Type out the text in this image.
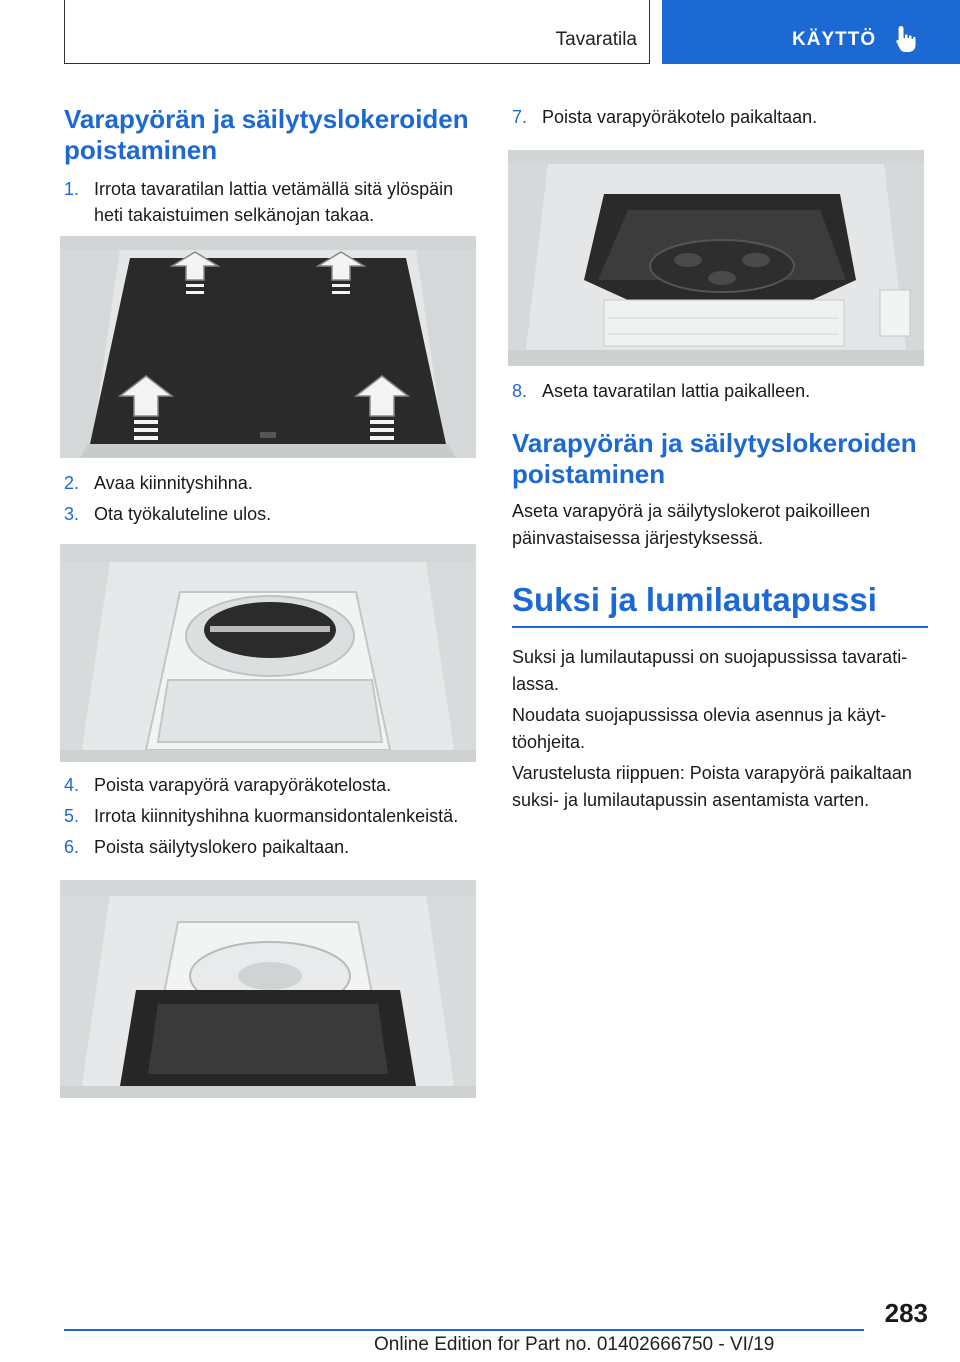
Tavaratila	KÄYTTÖ
Varapyörän ja säilytyslokeroiden poistaminen
1. Irrota tavaratilan lattia vetämällä sitä ylöspäin heti takaistuimen selkänojan takaa.
2. Avaa kiinnityshihna.
3. Ota työkaluteline ulos.
4. Poista varapyörä varapyöräkotelosta.
5. Irrota kiinnityshihna kuormansidontalenkeistä.
6. Poista säilytyslokero paikaltaan.
7. Poista varapyöräkotelo paikaltaan.
8. Aseta tavaratilan lattia paikalleen.
Varapyörän ja säilytyslokeroiden poistaminen

Aseta varapyörä ja säilytyslokerot paikoilleen päinvastaisessa järjestyksessä.

Suksi ja lumilautapussi

Suksi ja lumilautapussi on suojapussissa tavaratilassa.

Noudata suojapussissa olevia asennus ja käyttöohjeita.

Varustelusta riippuen: Poista varapyörä paikaltaan suksi- ja lumilautapussin asentamista varten.

283
Online Edition for Part no. 01402666750 - VI/19
